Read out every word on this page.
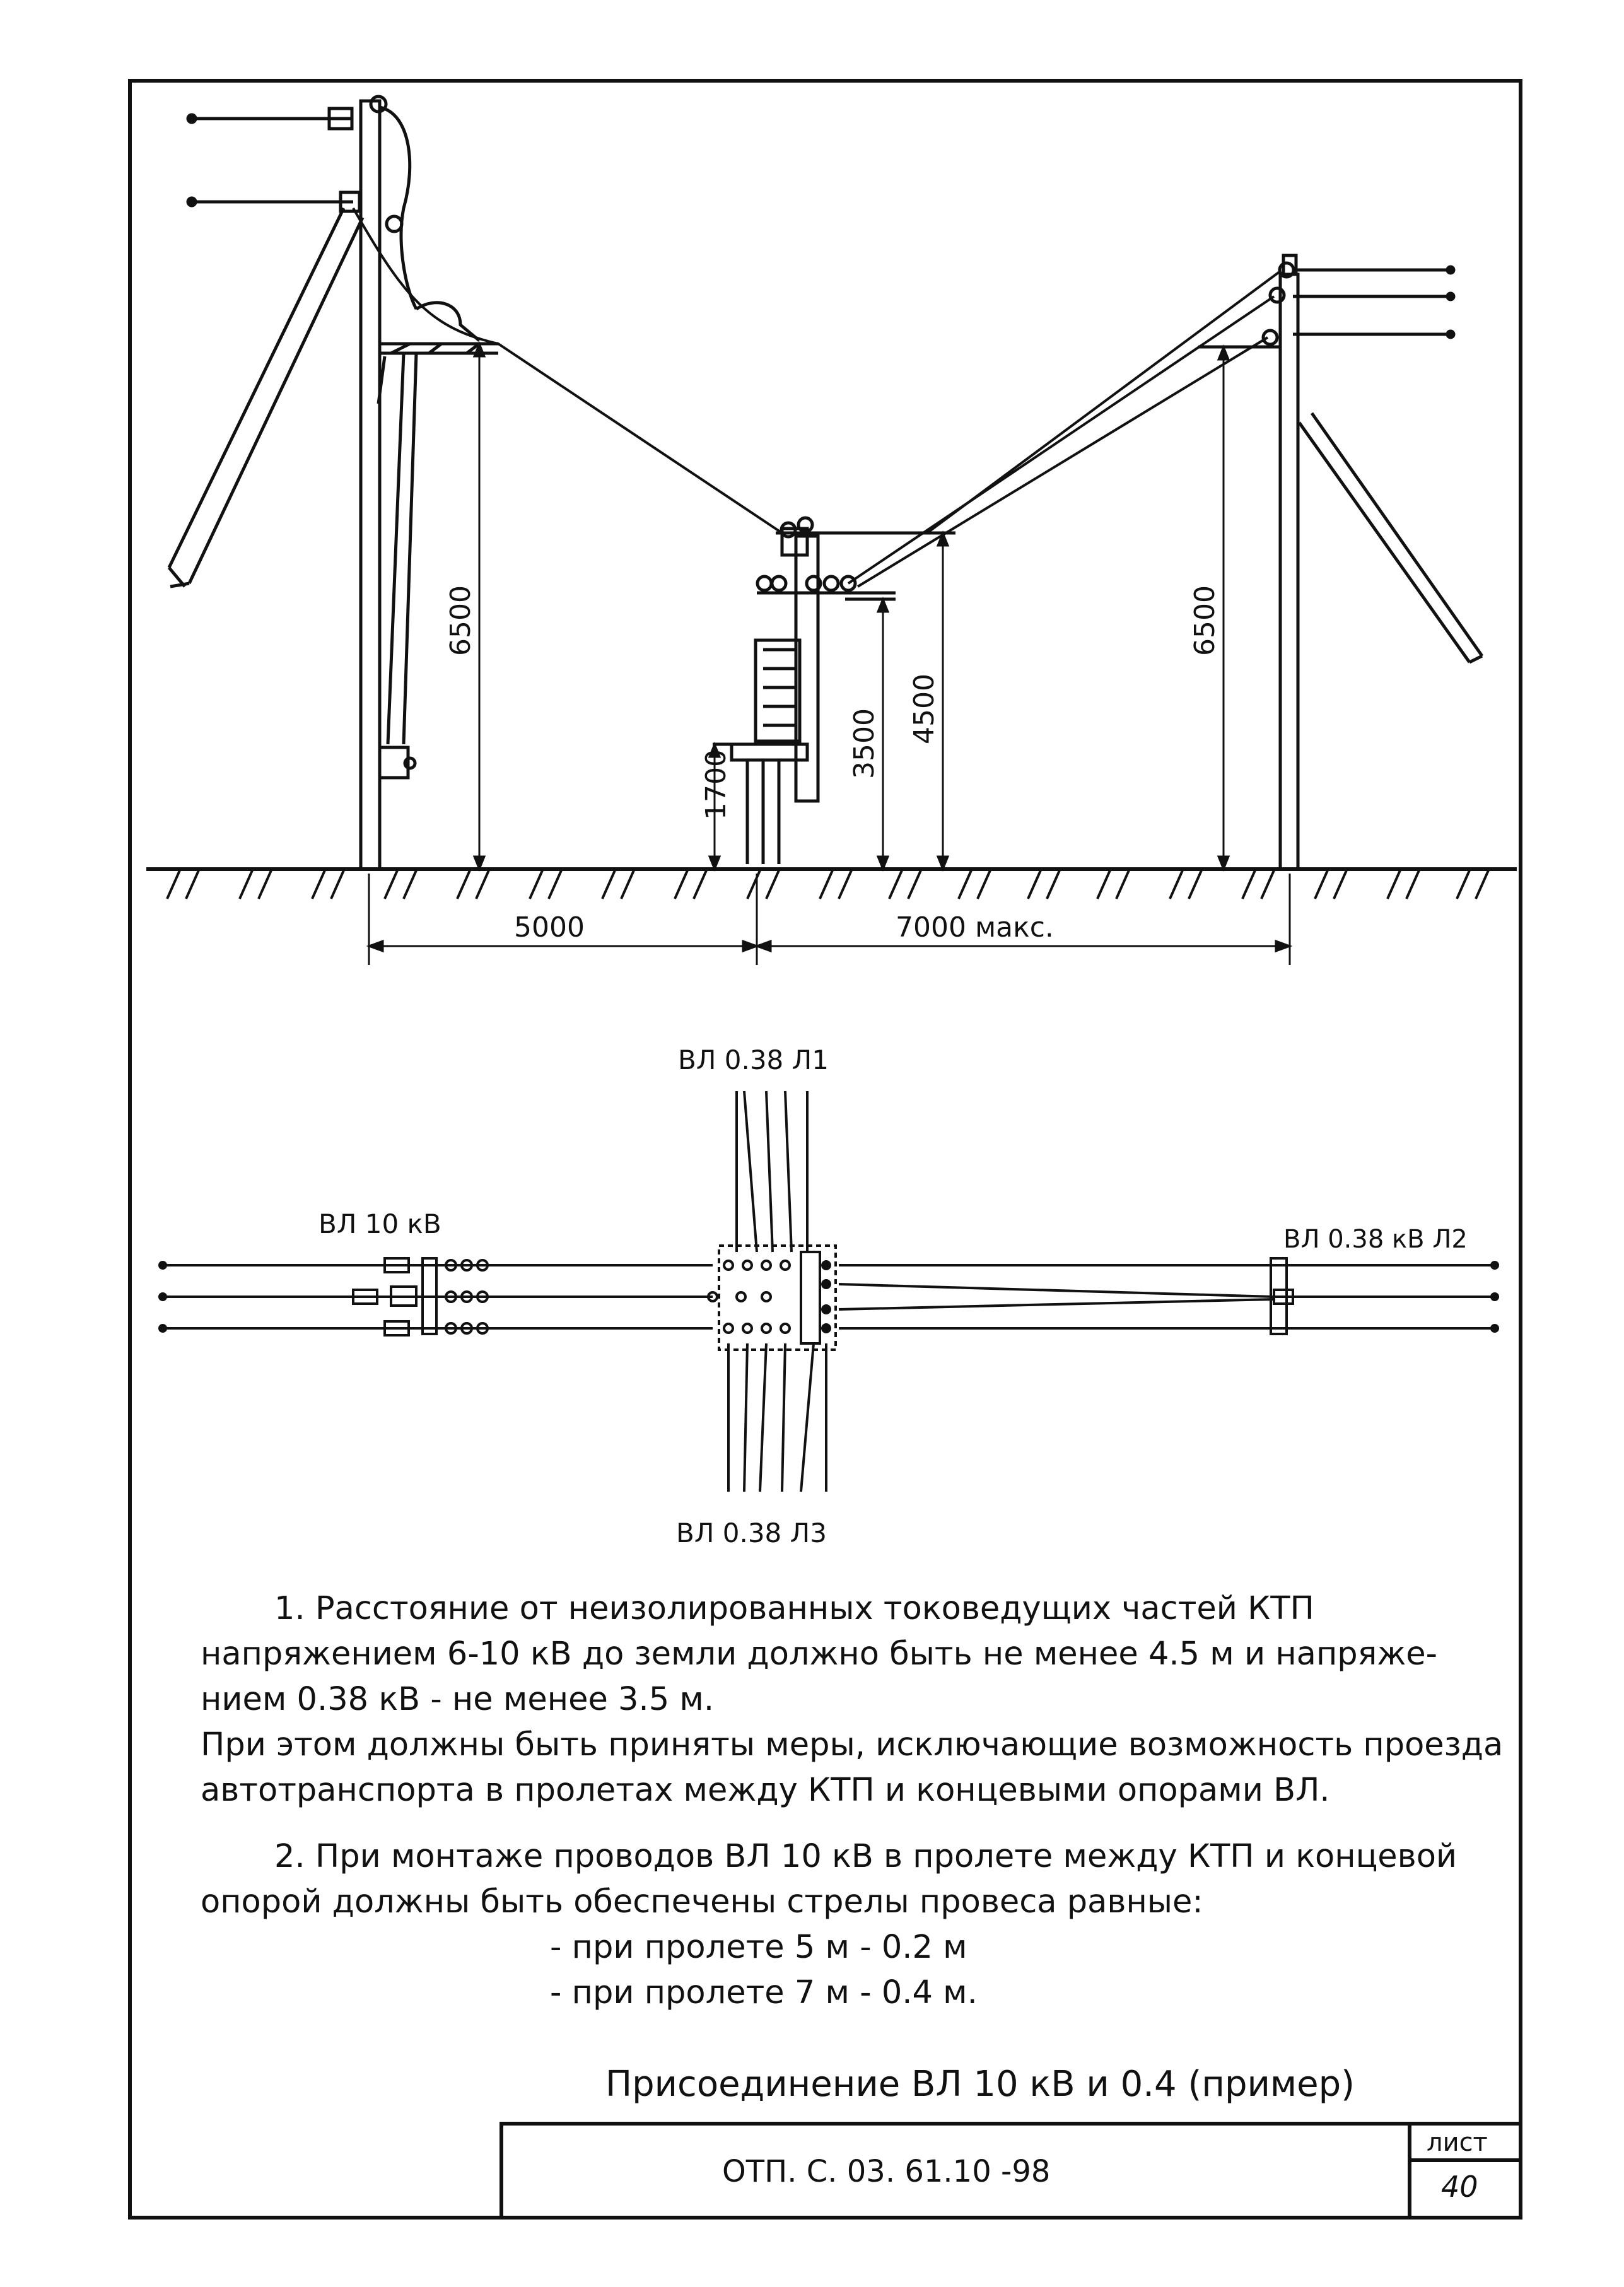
6500
1700
3500 4500
6500
5000	7000 макс.
ВЛ 0.38 Л1
ВЛ 10 кВ	ВЛ 0.38 кВ Л2
ВЛ 0.38 Л3
1. Расстояние от неизолированных токоведущих частей КТП
напряжением 6-10 кВ до земли должно быть не менее 4.5 м и напряже-
нием 0.38 кВ - не менее 3.5 м.
При этом должны быть приняты меры, исключающие возможность проезда
автотранспорта в пролетах между КТП и концевыми опорами ВЛ.
2. При монтаже проводов ВЛ 10 кВ в пролете между КТП и концевой
опорой должны быть обеспечены стрелы провеса равные:
- при пролете 5 м - 0.2 м
- при пролете 7 м - 0.4 м.
Присоединение ВЛ 10 кВ и 0.4 (пример)
ОТП. С. 03. 61.10 -98
лист
40
